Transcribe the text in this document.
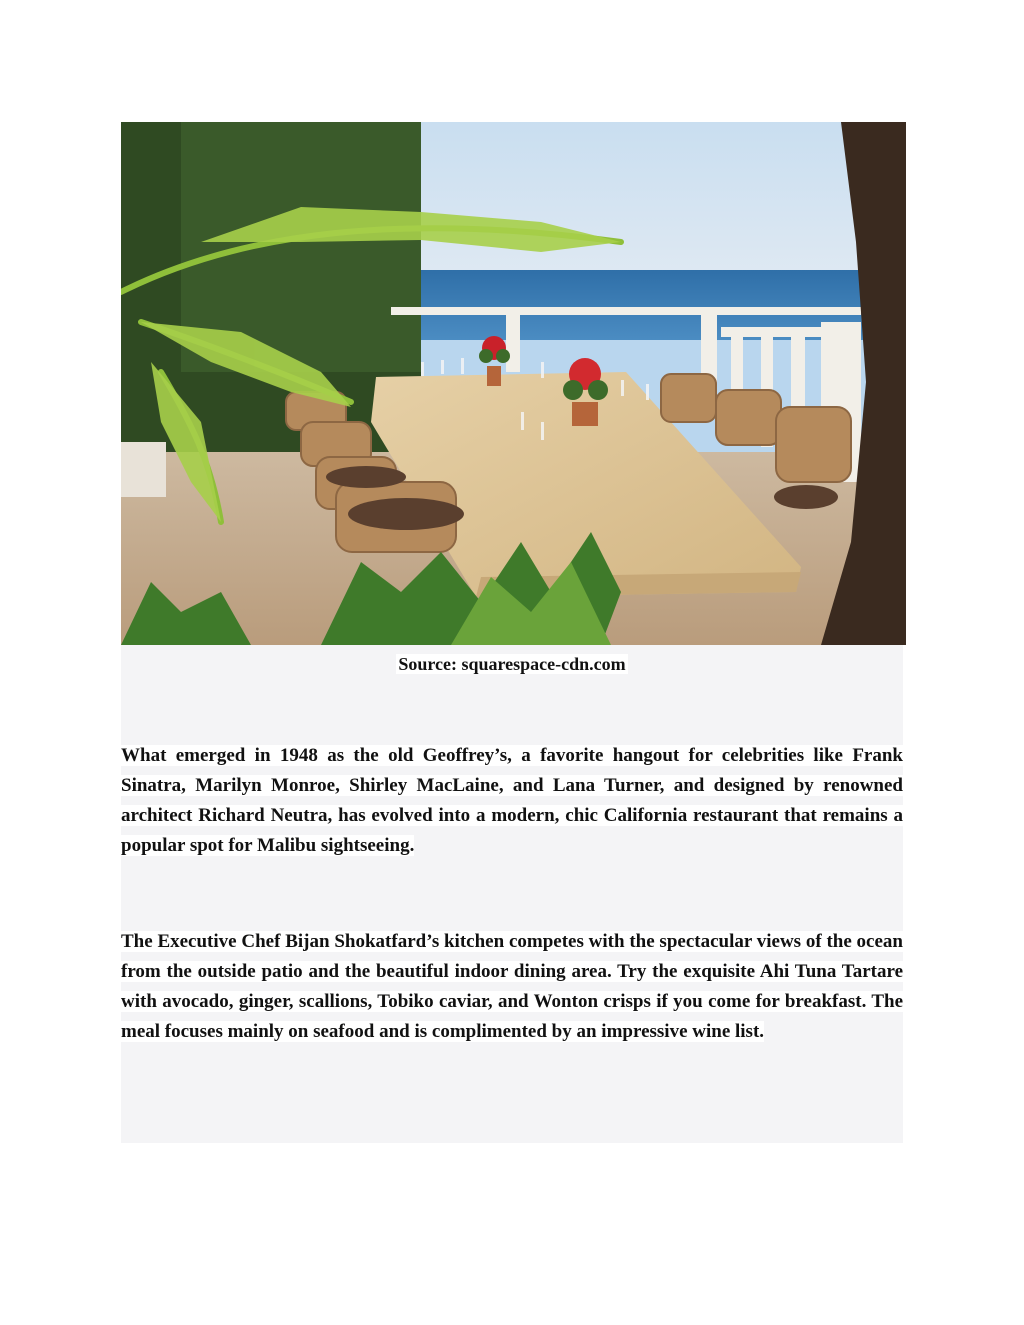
Source: squarespace-cdn.com

What emerged in 1948 as the old Geoffrey’s, a favorite hangout for celebrities like Frank Sinatra, Marilyn Monroe, Shirley MacLaine, and Lana Turner, and designed by renowned architect Richard Neutra, has evolved into a modern, chic California restaurant that remains a popular spot for Malibu sightseeing.

The Executive Chef Bijan Shokatfard’s kitchen competes with the spectacular views of the ocean from the outside patio and the beautiful indoor dining area. Try the exquisite Ahi Tuna Tartare with avocado, ginger, scallions, Tobiko caviar, and Wonton crisps if you come for breakfast. The meal focuses mainly on seafood and is complimented by an impressive wine list.
